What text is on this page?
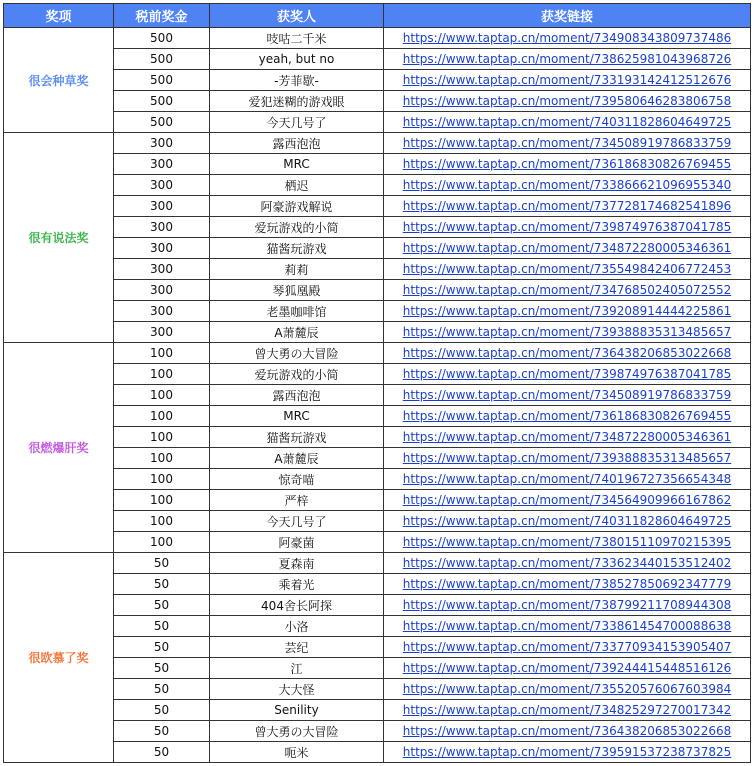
奖项	税前奖金	获奖人	获奖链接
很会种草奖	500	吱咕二千米	https://www.taptap.cn/moment/734908343809737486
	500	yeah, but no	https://www.taptap.cn/moment/738625981043968726
	500	-芳菲歇-	https://www.taptap.cn/moment/733193142412512676
	500	爱犯迷糊的游戏眼	https://www.taptap.cn/moment/739580646283806758
	500	今天几号了	https://www.taptap.cn/moment/740311828604649725
很有说法奖	300	露西泡泡	https://www.taptap.cn/moment/734508919786833759
	300	MRC	https://www.taptap.cn/moment/736186830826769455
	300	栖迟	https://www.taptap.cn/moment/733866621096955340
	300	阿豪游戏解说	https://www.taptap.cn/moment/737728174682541896
	300	爱玩游戏的小简	https://www.taptap.cn/moment/739874976387041785
	300	猫酱玩游戏	https://www.taptap.cn/moment/734872280005346361
	300	莉莉	https://www.taptap.cn/moment/735549842406772453
	300	琴狐凰殿	https://www.taptap.cn/moment/734768502405072552
	300	老墨咖啡馆	https://www.taptap.cn/moment/739208914444225861
	300	A萧麓辰	https://www.taptap.cn/moment/739388835313485657
很燃爆肝奖	100	曾大勇の大冒险	https://www.taptap.cn/moment/736438206853022668
	100	爱玩游戏的小简	https://www.taptap.cn/moment/739874976387041785
	100	露西泡泡	https://www.taptap.cn/moment/734508919786833759
	100	MRC	https://www.taptap.cn/moment/736186830826769455
	100	猫酱玩游戏	https://www.taptap.cn/moment/734872280005346361
	100	A萧麓辰	https://www.taptap.cn/moment/739388835313485657
	100	惊奇喵	https://www.taptap.cn/moment/740196727356654348
	100	严梓	https://www.taptap.cn/moment/734564909966167862
	100	今天几号了	https://www.taptap.cn/moment/740311828604649725
	100	阿豪菌	https://www.taptap.cn/moment/738015110970215395
很欧慕了奖	50	夏森南	https://www.taptap.cn/moment/733623440153512402
	50	乘着光	https://www.taptap.cn/moment/738527850692347779
	50	404舍长阿探	https://www.taptap.cn/moment/738799211708944308
	50	小洛	https://www.taptap.cn/moment/733861454700088638
	50	芸纪	https://www.taptap.cn/moment/733770934153905407
	50	江	https://www.taptap.cn/moment/739244415448516126
	50	大大怪	https://www.taptap.cn/moment/735520576067603984
	50	Senility	https://www.taptap.cn/moment/734825297270017342
	50	曾大勇の大冒险	https://www.taptap.cn/moment/736438206853022668
	50	呃米	https://www.taptap.cn/moment/739591537238737825
